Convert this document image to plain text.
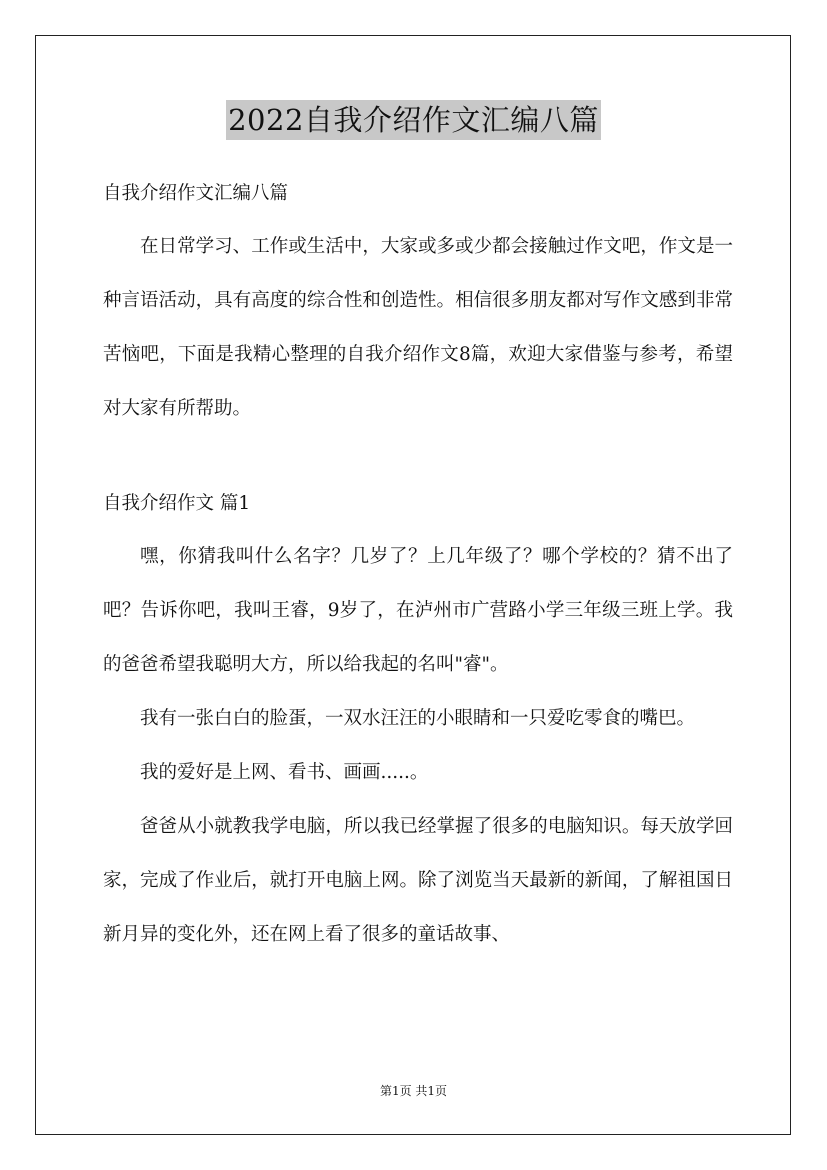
2022自我介绍作文汇编八篇

自我介绍作文汇编八篇

在日常学习、工作或生活中，大家或多或少都会接触过作文吧，作文是一种言语活动，具有高度的综合性和创造性。相信很多朋友都对写作文感到非常苦恼吧，下面是我精心整理的自我介绍作文8篇，欢迎大家借鉴与参考，希望对大家有所帮助。

自我介绍作文 篇1

嘿，你猜我叫什么名字？几岁了？上几年级了？哪个学校的？猜不出了吧？告诉你吧，我叫王睿，9岁了，在泸州市广营路小学三年级三班上学。我的爸爸希望我聪明大方，所以给我起的名叫"睿"。

我有一张白白的脸蛋，一双水汪汪的小眼睛和一只爱吃零食的嘴巴。

我的爱好是上网、看书、画画.....。

爸爸从小就教我学电脑，所以我已经掌握了很多的电脑知识。每天放学回家，完成了作业后，就打开电脑上网。除了浏览当天最新的新闻，了解祖国日新月异的变化外，还在网上看了很多的童话故事、

第1页 共1页
